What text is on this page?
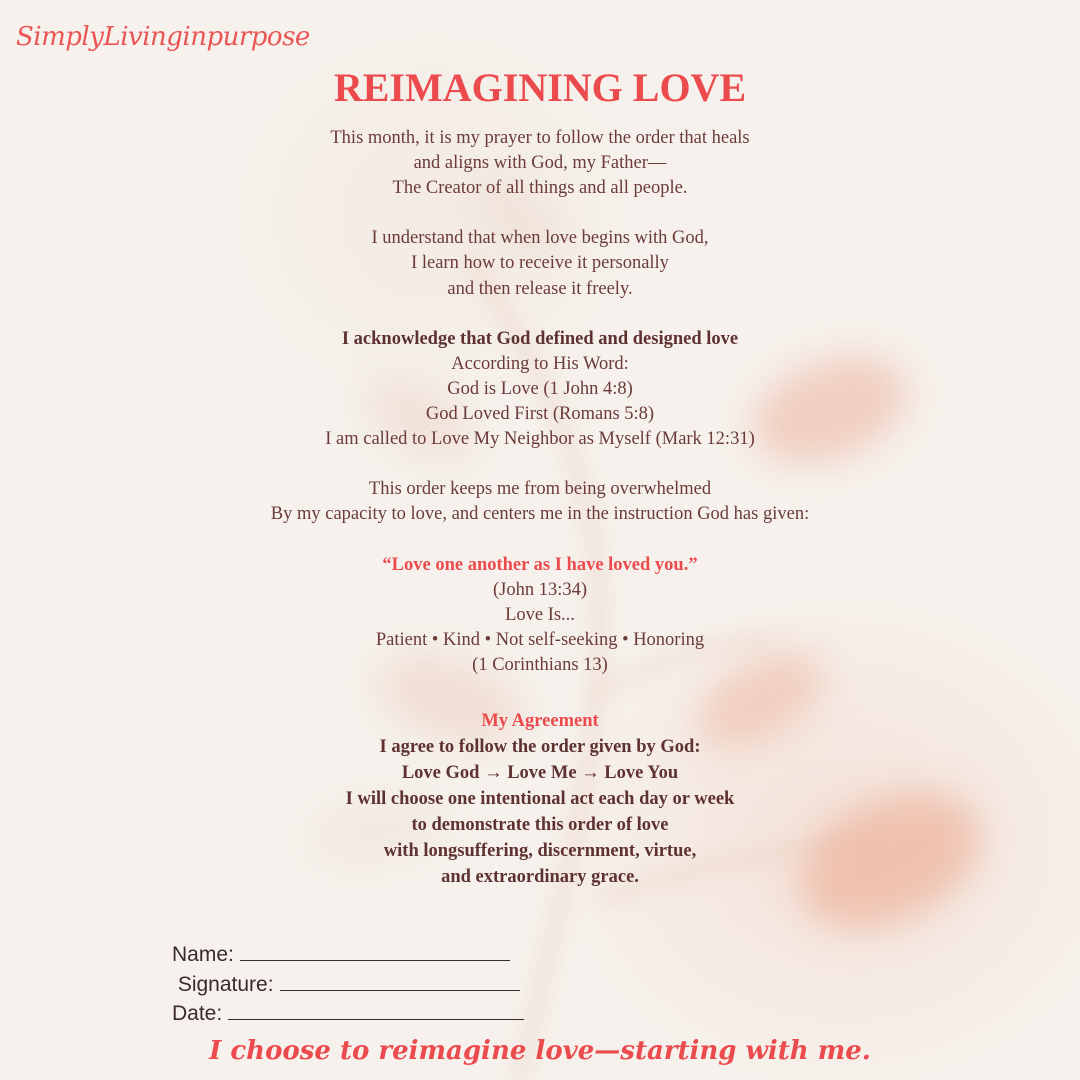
SimplyLivinginpurpose
REIMAGINING LOVE
This month, it is my prayer to follow the order that heals
and aligns with God, my Father—
The Creator of all things and all people.
I understand that when love begins with God,
I learn how to receive it personally
and then release it freely.
I acknowledge that God defined and designed love
According to His Word:
God is Love (1 John 4:8)
God Loved First (Romans 5:8)
I am called to Love My Neighbor as Myself (Mark 12:31)
This order keeps me from being overwhelmed
By my capacity to love, and centers me in the instruction God has given:
“Love one another as I have loved you.”
(John 13:34)
Love Is...
Patient • Kind • Not self-seeking • Honoring
(1 Corinthians 13)
My Agreement
I agree to follow the order given by God:
Love God → Love Me → Love You
I will choose one intentional act each day or week
to demonstrate this order of love
with longsuffering, discernment, virtue,
and extraordinary grace.
Name:
Signature:
Date:
I choose to reimagine love—starting with me.
